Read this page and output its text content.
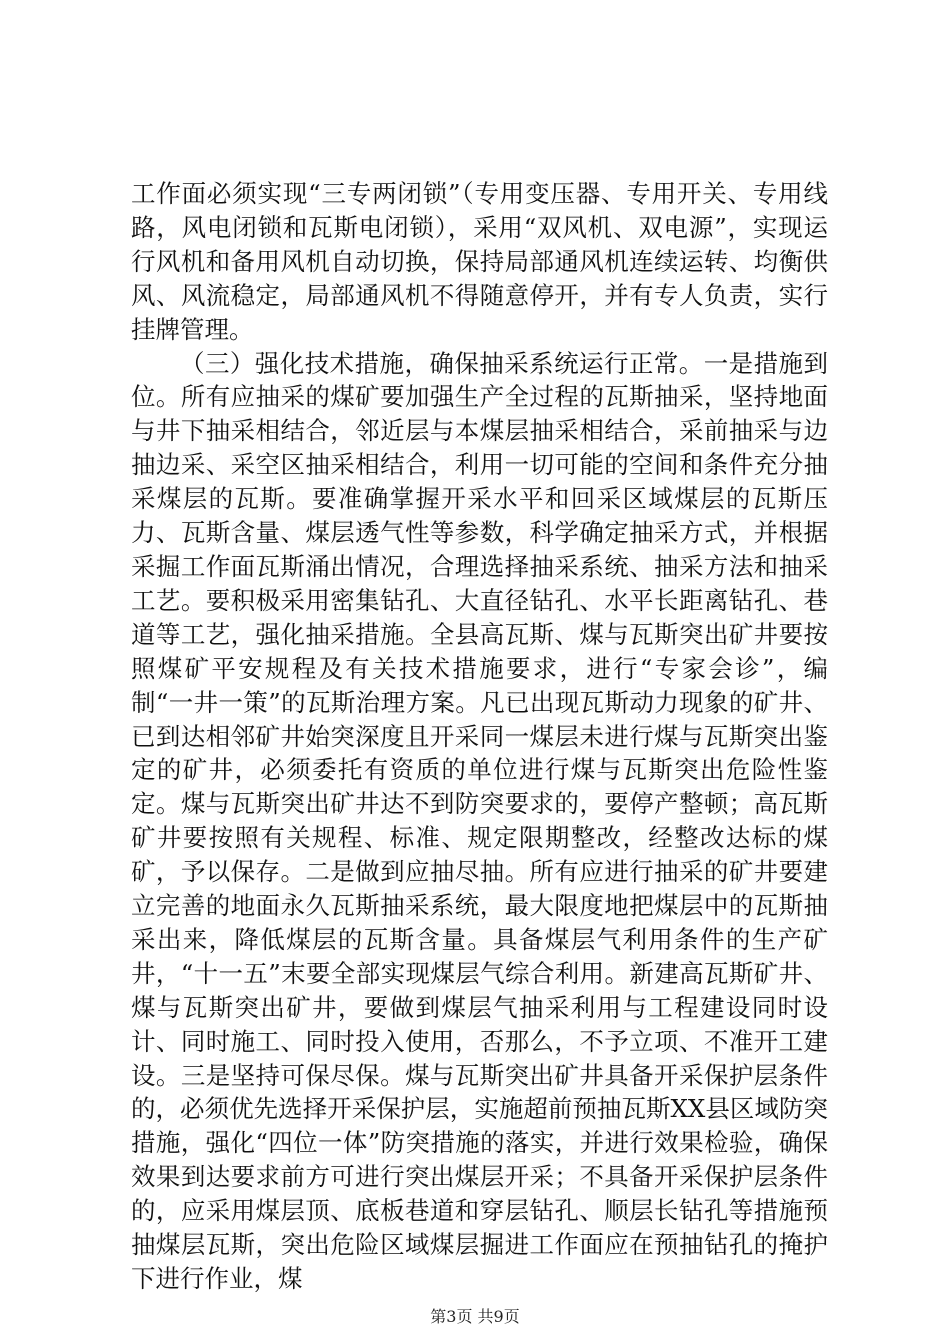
工作面必须实现“三专两闭锁”（专用变压器、专用开关、专用线路，风电闭锁和瓦斯电闭锁），采用“双风机、双电源”，实现运行风机和备用风机自动切换，保持局部通风机连续运转、均衡供风、风流稳定，局部通风机不得随意停开，并有专人负责，实行挂牌管理。

（三）强化技术措施，确保抽采系统运行正常。一是措施到位。所有应抽采的煤矿要加强生产全过程的瓦斯抽采，坚持地面与井下抽采相结合，邻近层与本煤层抽采相结合，采前抽采与边抽边采、采空区抽采相结合，利用一切可能的空间和条件充分抽采煤层的瓦斯。要准确掌握开采水平和回采区域煤层的瓦斯压力、瓦斯含量、煤层透气性等参数，科学确定抽采方式，并根据采掘工作面瓦斯涌出情况，合理选择抽采系统、抽采方法和抽采工艺。要积极采用密集钻孔、大直径钻孔、水平长距离钻孔、巷道等工艺，强化抽采措施。全县高瓦斯、煤与瓦斯突出矿井要按照煤矿平安规程及有关技术措施要求，进行“专家会诊”，编制“一井一策”的瓦斯治理方案。凡已出现瓦斯动力现象的矿井、已到达相邻矿井始突深度且开采同一煤层未进行煤与瓦斯突出鉴定的矿井，必须委托有资质的单位进行煤与瓦斯突出危险性鉴定。煤与瓦斯突出矿井达不到防突要求的，要停产整顿；高瓦斯矿井要按照有关规程、标准、规定限期整改，经整改达标的煤矿，予以保存。二是做到应抽尽抽。所有应进行抽采的矿井要建立完善的地面永久瓦斯抽采系统，最大限度地把煤层中的瓦斯抽采出来，降低煤层的瓦斯含量。具备煤层气利用条件的生产矿井，“十一五”末要全部实现煤层气综合利用。新建高瓦斯矿井、煤与瓦斯突出矿井，要做到煤层气抽采利用与工程建设同时设计、同时施工、同时投入使用，否那么，不予立项、不准开工建设。三是坚持可保尽保。煤与瓦斯突出矿井具备开采保护层条件的，必须优先选择开采保护层，实施超前预抽瓦斯XX县区域防突措施，强化“四位一体”防突措施的落实，并进行效果检验，确保效果到达要求前方可进行突出煤层开采；不具备开采保护层条件的，应采用煤层顶、底板巷道和穿层钻孔、顺层长钻孔等措施预抽煤层瓦斯，突出危险区域煤层掘进工作面应在预抽钻孔的掩护下进行作业，煤

第3页 共9页
